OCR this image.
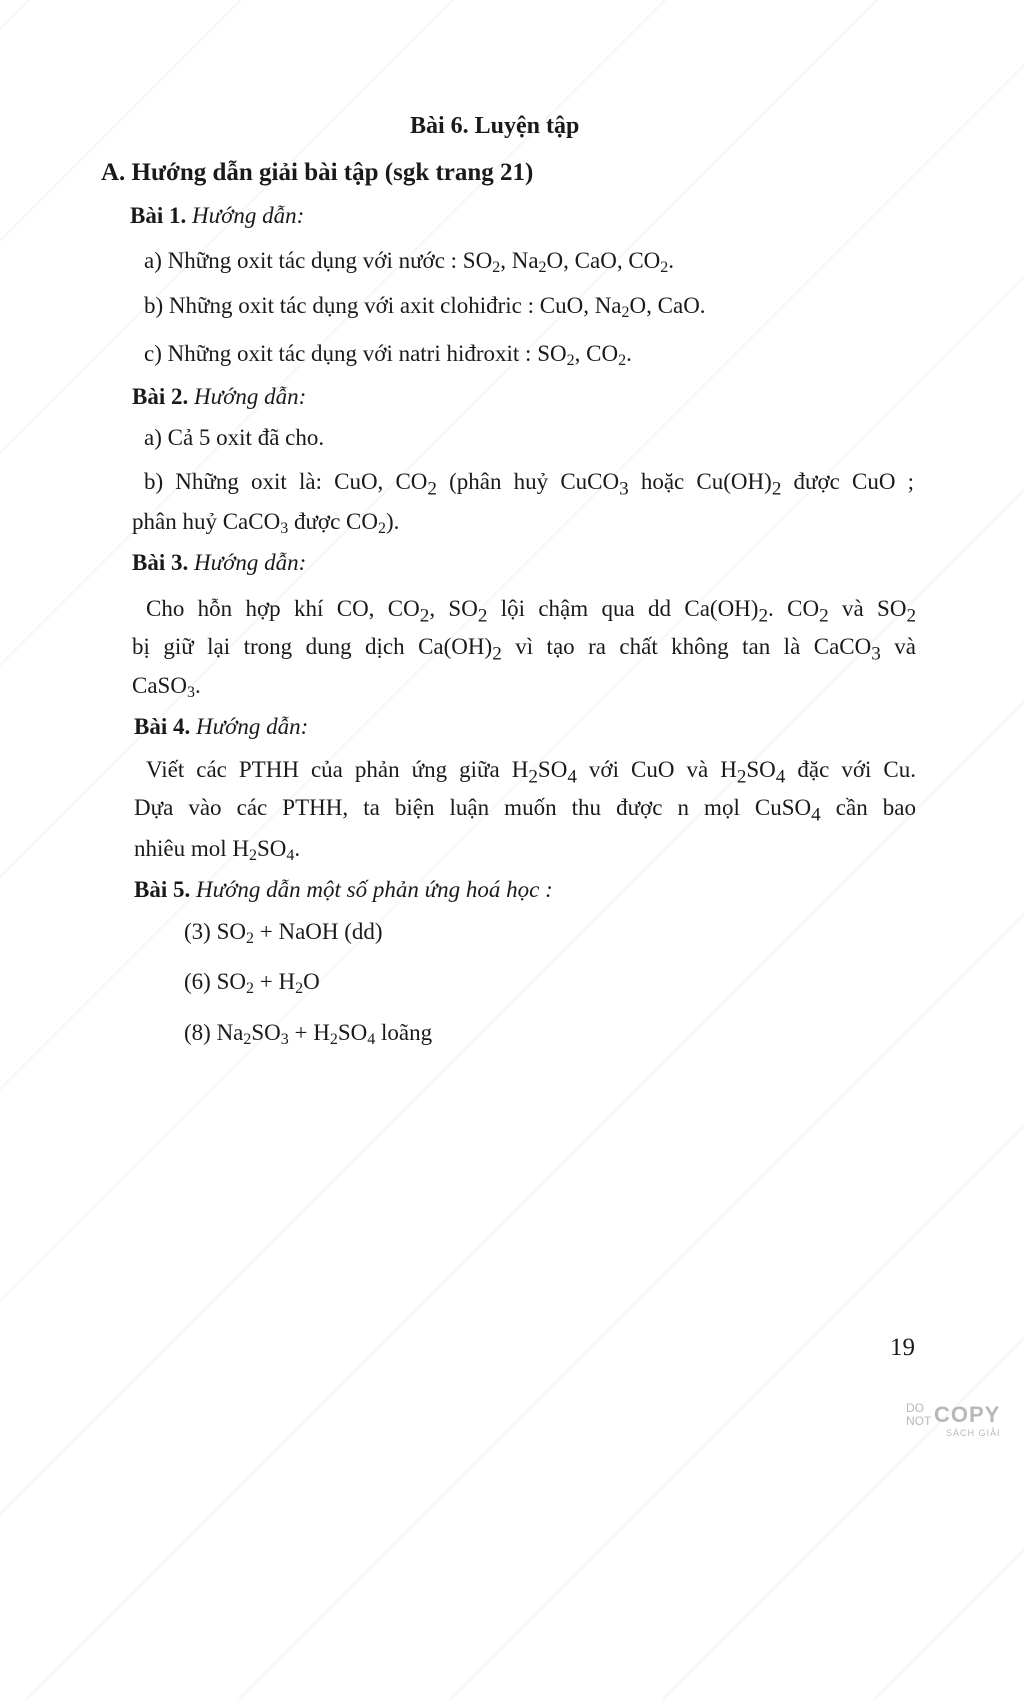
Bài 6. Luyện tập
A. Hướng dẫn giải bài tập (sgk trang 21)
Bài 1. Hướng dẫn:
a) Những oxit tác dụng với nước : $SO_2$, $Na_2O$, CaO, $CO_2$.
b) Những oxit tác dụng với axit clohiđric : CuO, $Na_2O$, CaO.
c) Những oxit tác dụng với natri hiđroxit : $SO_2$, $CO_2$.
Bài 2. Hướng dẫn:
a) Cả 5 oxit đã cho.
b) Những oxit là: CuO, $CO_2$ (phân huỷ CuCO$_3$ hoặc $Cu(OH)_2$ được CuO ;
phân huỷ CaCO$_3$ được $CO_2$).
Bài 3. Hướng dẫn:
Cho hỗn hợp khí CO, $CO_2$, $SO_2$ lội chậm qua dd $Ca(OH)_2$. $CO_2$ và $SO_2$
bị giữ lại trong dung dịch $Ca(OH)_2$ vì tạo ra chất không tan là CaCO$_3$ và
CaSO$_3$.
Bài 4. Hướng dẫn:
Viết các PTHH của phản ứng giữa $H_2SO_4$ với CuO và $H_2SO_4$ đặc với Cu.
Dựa vào các PTHH, ta biện luận muốn thu được n mọl CuSO$_4$ cần bao
nhiêu mol $H_2SO_4$.
Bài 5. Hướng dẫn một số phản ứng hoá học :
(3) $SO_2$ + NaOH (dd)
(6) $SO_2 + H_2O$
(8) $Na_2SO_3 + H_2SO_4$ loãng
19
DO
NOT COPY
SÁCH GIẢI
